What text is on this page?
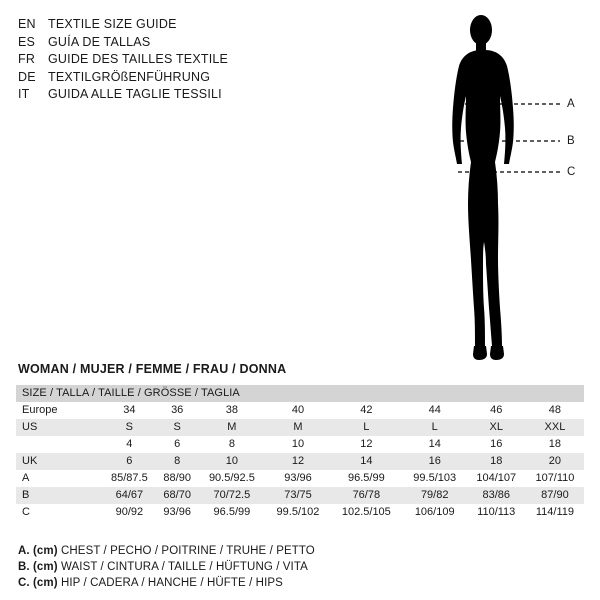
EN TEXTILE SIZE GUIDE
ES	GUÍA DE TALLAS
FR	GUIDE DES TAILLES TEXTILE
DE TEXTILGRÖßENFÜHRUNG
IT	GUIDA ALLE TAGLIE TESSILI
A
B
C
WOMAN / MUJER / FEMME / FRAU / DONNA
SIZE / TALLA / TAILLE / GRÖSSE / TAGLIA								
Europe	34	36	38	40	42	44	46	48
US	S	S	M	M	L	L	XL	XXL
	4	6	8	10	12	14	16	18
UK	6	8	10	12	14	16	18	20
A	85/87.5	88/90	90.5/92.5	93/96	96.5/99	99.5/103	104/107	107/110
B	64/67	68/70	70/72.5	73/75	76/78	79/82	83/86	87/90
C	90/92	93/96	96.5/99	99.5/102	102.5/105	106/109	110/113	114/119
A. (cm) CHEST / PECHO / POITRINE / TRUHE / PETTO
B. (cm) WAIST / CINTURA / TAILLE / HÜFTUNG / VITA
C. (cm) HIP / CADERA / HANCHE / HÜFTE / HIPS
